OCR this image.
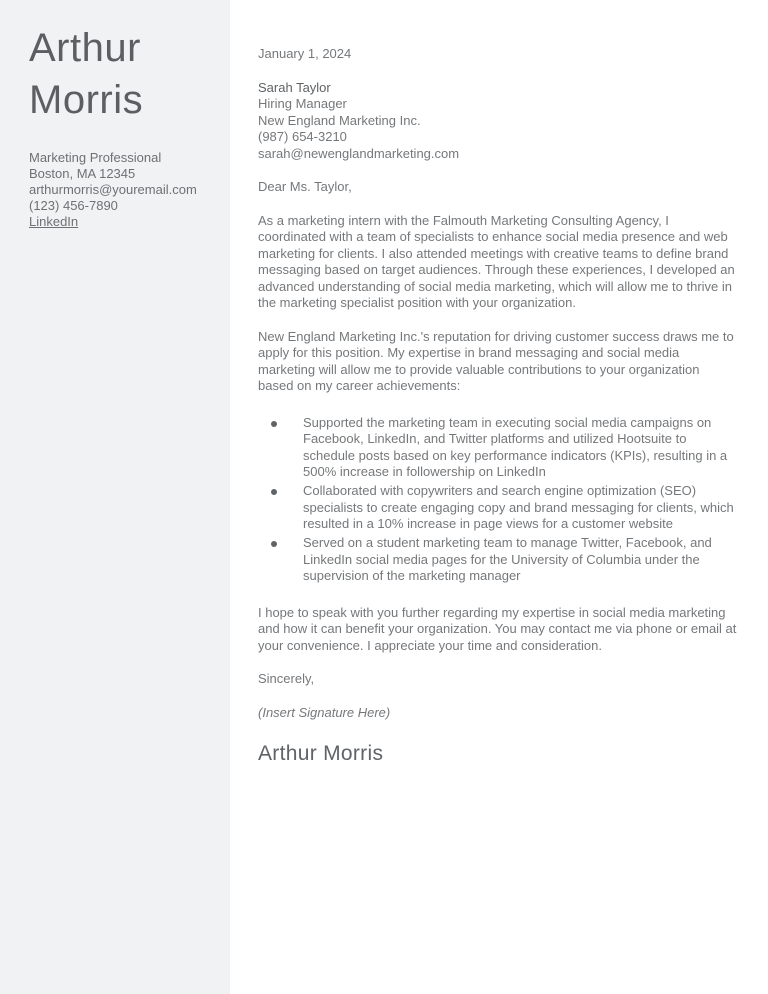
Arthur Morris
Marketing Professional
Boston, MA 12345
arthurmorris@youremail.com
(123) 456-7890
LinkedIn
January 1, 2024
Sarah Taylor
Hiring Manager
New England Marketing Inc.
(987) 654-3210
sarah@newenglandmarketing.com
Dear Ms. Taylor,

As a marketing intern with the Falmouth Marketing Consulting Agency, I coordinated with a team of specialists to enhance social media presence and web marketing for clients. I also attended meetings with creative teams to define brand messaging based on target audiences. Through these experiences, I developed an advanced understanding of social media marketing, which will allow me to thrive in the marketing specialist position with your organization.

New England Marketing Inc.'s reputation for driving customer success draws me to apply for this position. My expertise in brand messaging and social media marketing will allow me to provide valuable contributions to your organization based on my career achievements:

Supported the marketing team in executing social media campaigns on Facebook, LinkedIn, and Twitter platforms and utilized Hootsuite to schedule posts based on key performance indicators (KPIs), resulting in a 500% increase in followership on LinkedIn
Collaborated with copywriters and search engine optimization (SEO) specialists to create engaging copy and brand messaging for clients, which resulted in a 10% increase in page views for a customer website
Served on a student marketing team to manage Twitter, Facebook, and LinkedIn social media pages for the University of Columbia under the supervision of the marketing manager

I hope to speak with you further regarding my expertise in social media marketing and how it can benefit your organization. You may contact me via phone or email at your convenience. I appreciate your time and consideration.

Sincerely,
(Insert Signature Here)
Arthur Morris
